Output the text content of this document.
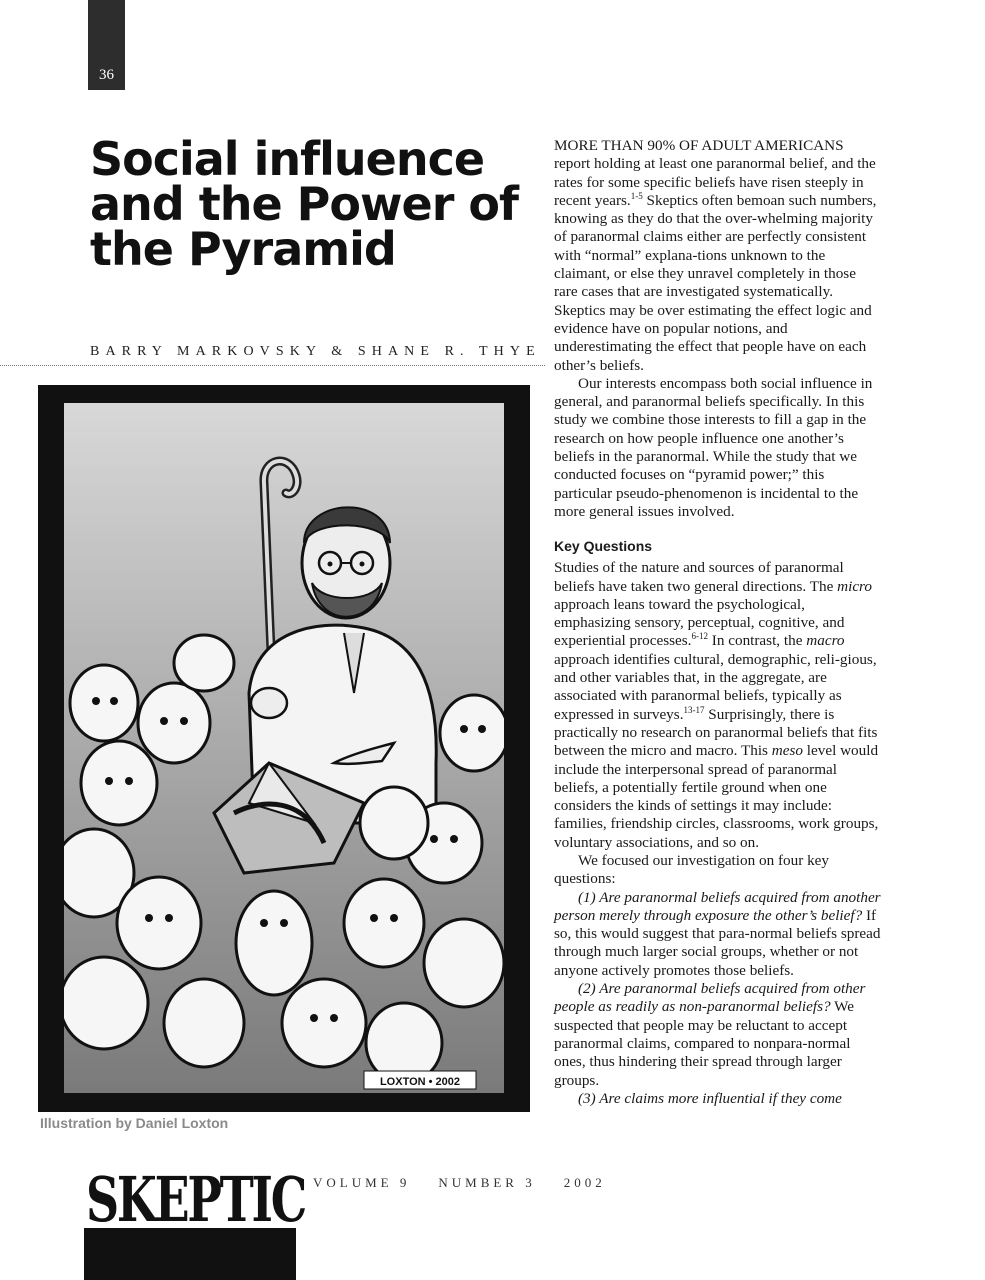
36
Social influence and the Power of the Pyramid
BARRY MARKOVSKY & SHANE R. THYE
LOXTON • 2002
Illustration by Daniel Loxton

MORE THAN 90% OF ADULT AMERICANS report holding at least one paranormal belief, and the rates for some specific beliefs have risen steeply in recent years.$^{1-5}$ Skeptics often bemoan such numbers, knowing as they do that the over-whelming majority of paranormal claims either are perfectly consistent with “normal” explana-tions unknown to the claimant, or else they unravel completely in those rare cases that are investigated systematically. Skeptics may be over estimating the effect logic and evidence have on popular notions, and underestimating the effect that people have on each other’s beliefs.

Our interests encompass both social influence in general, and paranormal beliefs specifically. In this study we combine those interests to fill a gap in the research on how people influence one another’s beliefs in the paranormal. While the study that we conducted focuses on “pyramid power;” this particular pseudo-phenomenon is incidental to the more general issues involved.

Key Questions

Studies of the nature and sources of paranormal beliefs have taken two general directions. The micro approach leans toward the psychological, emphasizing sensory, perceptual, cognitive, and experiential processes.$^{6-12}$ In contrast, the macro approach identifies cultural, demographic, reli-gious, and other variables that, in the aggregate, are associated with paranormal beliefs, typically as expressed in surveys.$^{13-17}$ Surprisingly, there is practically no research on paranormal beliefs that fits between the micro and macro. This meso level would include the interpersonal spread of paranormal beliefs, a potentially fertile ground when one considers the kinds of settings it may include: families, friendship circles, classrooms, work groups, voluntary associations, and so on.

We focused our investigation on four key questions:

(1) Are paranormal beliefs acquired from another person merely through exposure the other’s belief? If so, this would suggest that para-normal beliefs spread through much larger social groups, whether or not anyone actively promotes those beliefs.

(2) Are paranormal beliefs acquired from other people as readily as non-paranormal beliefs? We suspected that people may be reluctant to accept paranormal claims, compared to nonpara-normal ones, thus hindering their spread through larger groups.

(3) Are claims more influential if they come

SKEPTIC VOLUME 9 NUMBER 3 2002
